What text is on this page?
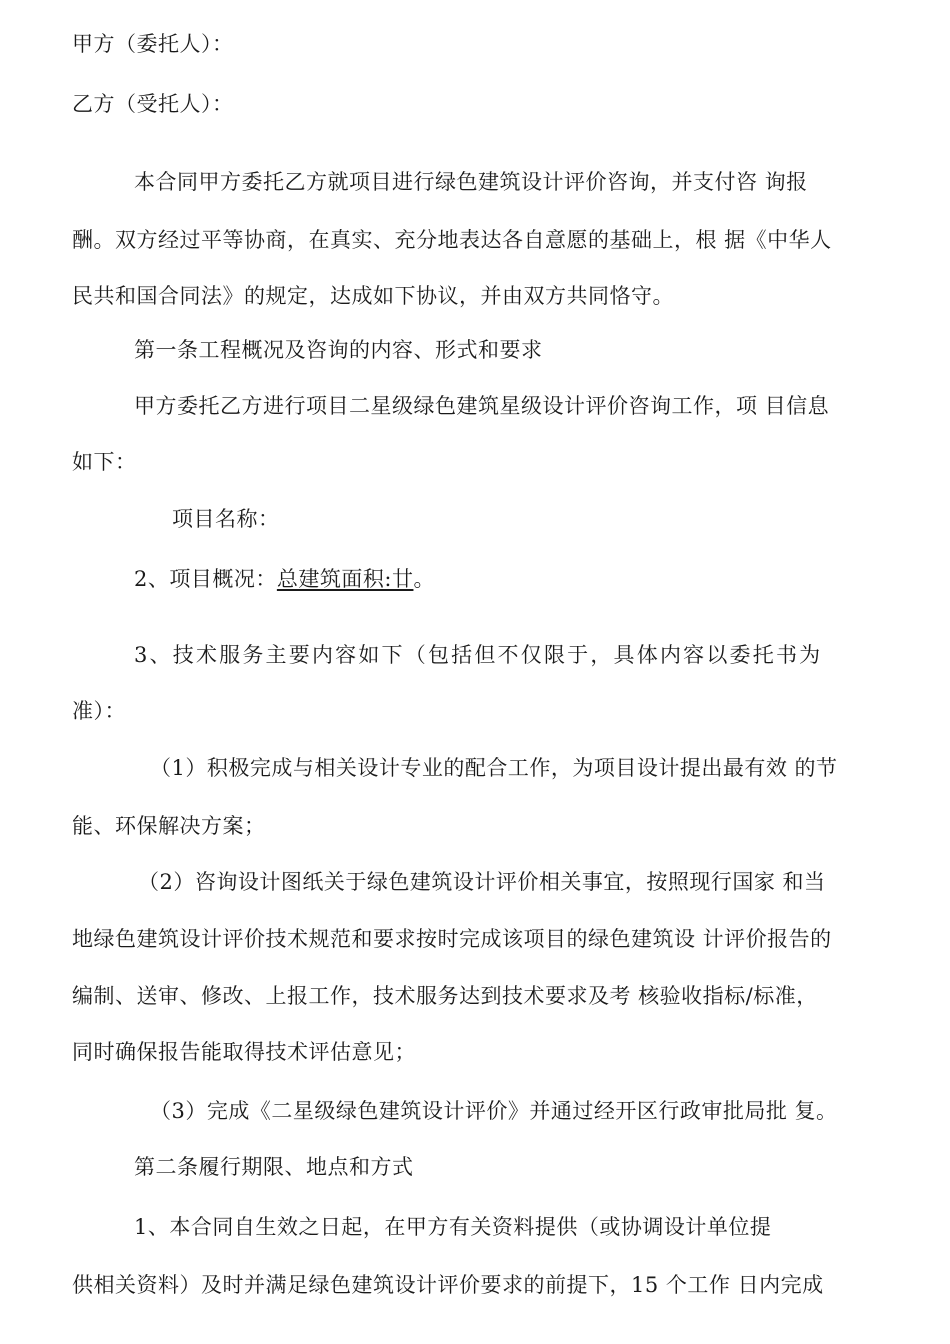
甲方（委托人）：
乙方（受托人）：
本合同甲方委托乙方就项目进行绿色建筑设计评价咨询，并支付咨 询报
酬。双方经过平等协商，在真实、充分地表达各自意愿的基础上，根 据《中华人
民共和国合同法》的规定，达成如下协议，并由双方共同恪守。
第一条工程概况及咨询的内容、形式和要求
甲方委托乙方进行项目二星级绿色建筑星级设计评价咨询工作，项 目信息
如下：
项目名称：
2、项目概况：总建筑面积:廿。
3、技术服务主要内容如下（包括但不仅限于，具体内容以委托书为
准）：
（1）积极完成与相关设计专业的配合工作，为项目设计提出最有效 的节
能、环保解决方案；
（2）咨询设计图纸关于绿色建筑设计评价相关事宜，按照现行国家 和当
地绿色建筑设计评价技术规范和要求按时完成该项目的绿色建筑设 计评价报告的
编制、送审、修改、上报工作，技术服务达到技术要求及考 核验收指标/标准，
同时确保报告能取得技术评估意见；
（3）完成《二星级绿色建筑设计评价》并通过经开区行政审批局批 复。
第二条履行期限、地点和方式
1、本合同自生效之日起，在甲方有关资料提供（或协调设计单位提
供相关资料）及时并满足绿色建筑设计评价要求的前提下，15 个工作 日内完成
